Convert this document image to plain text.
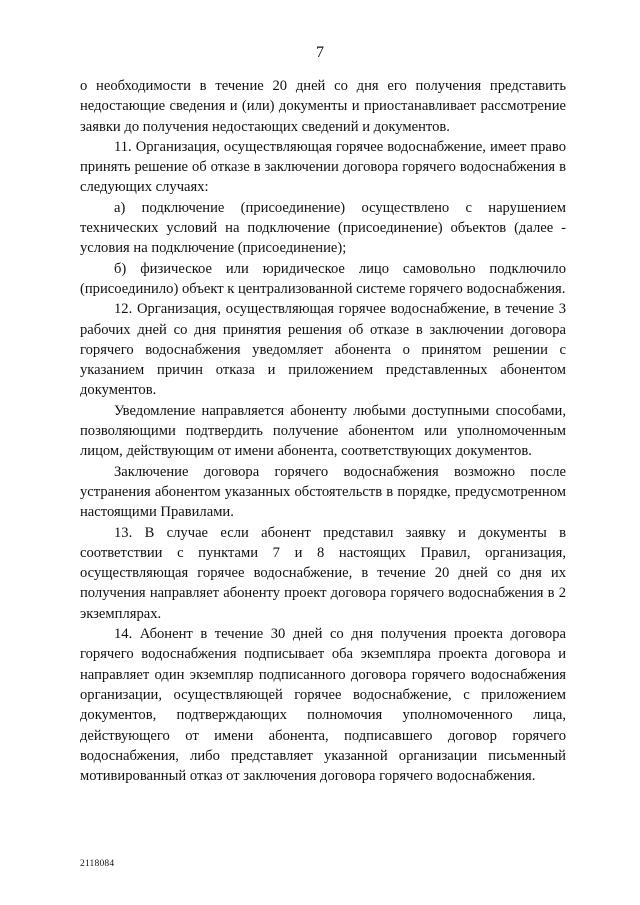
7

о необходимости в течение 20 дней со дня его получения представить недостающие сведения и (или) документы и приостанавливает рассмотрение заявки до получения недостающих сведений и документов.

11. Организация, осуществляющая горячее водоснабжение, имеет право принять решение об отказе в заключении договора горячего водоснабжения в следующих случаях:

а) подключение (присоединение) осуществлено с нарушением технических условий на подключение (присоединение) объектов (далее - условия на подключение (присоединение);

б) физическое или юридическое лицо самовольно подключило (присоединило) объект к централизованной системе горячего водоснабжения.

12. Организация, осуществляющая горячее водоснабжение, в течение 3 рабочих дней со дня принятия решения об отказе в заключении договора горячего водоснабжения уведомляет абонента о принятом решении с указанием причин отказа и приложением представленных абонентом документов.

Уведомление направляется абоненту любыми доступными способами, позволяющими подтвердить получение абонентом или уполномоченным лицом, действующим от имени абонента, соответствующих документов.

Заключение договора горячего водоснабжения возможно после устранения абонентом указанных обстоятельств в порядке, предусмотренном настоящими Правилами.

13. В случае если абонент представил заявку и документы в соответствии с пунктами 7 и 8 настоящих Правил, организация, осуществляющая горячее водоснабжение, в течение 20 дней со дня их получения направляет абоненту проект договора горячего водоснабжения в 2 экземплярах.

14. Абонент в течение 30 дней со дня получения проекта договора горячего водоснабжения подписывает оба экземпляра проекта договора и направляет один экземпляр подписанного договора горячего водоснабжения организации, осуществляющей горячее водоснабжение, с приложением документов, подтверждающих полномочия уполномоченного лица, действующего от имени абонента, подписавшего договор горячего водоснабжения, либо представляет указанной организации письменный мотивированный отказ от заключения договора горячего водоснабжения.

2118084
